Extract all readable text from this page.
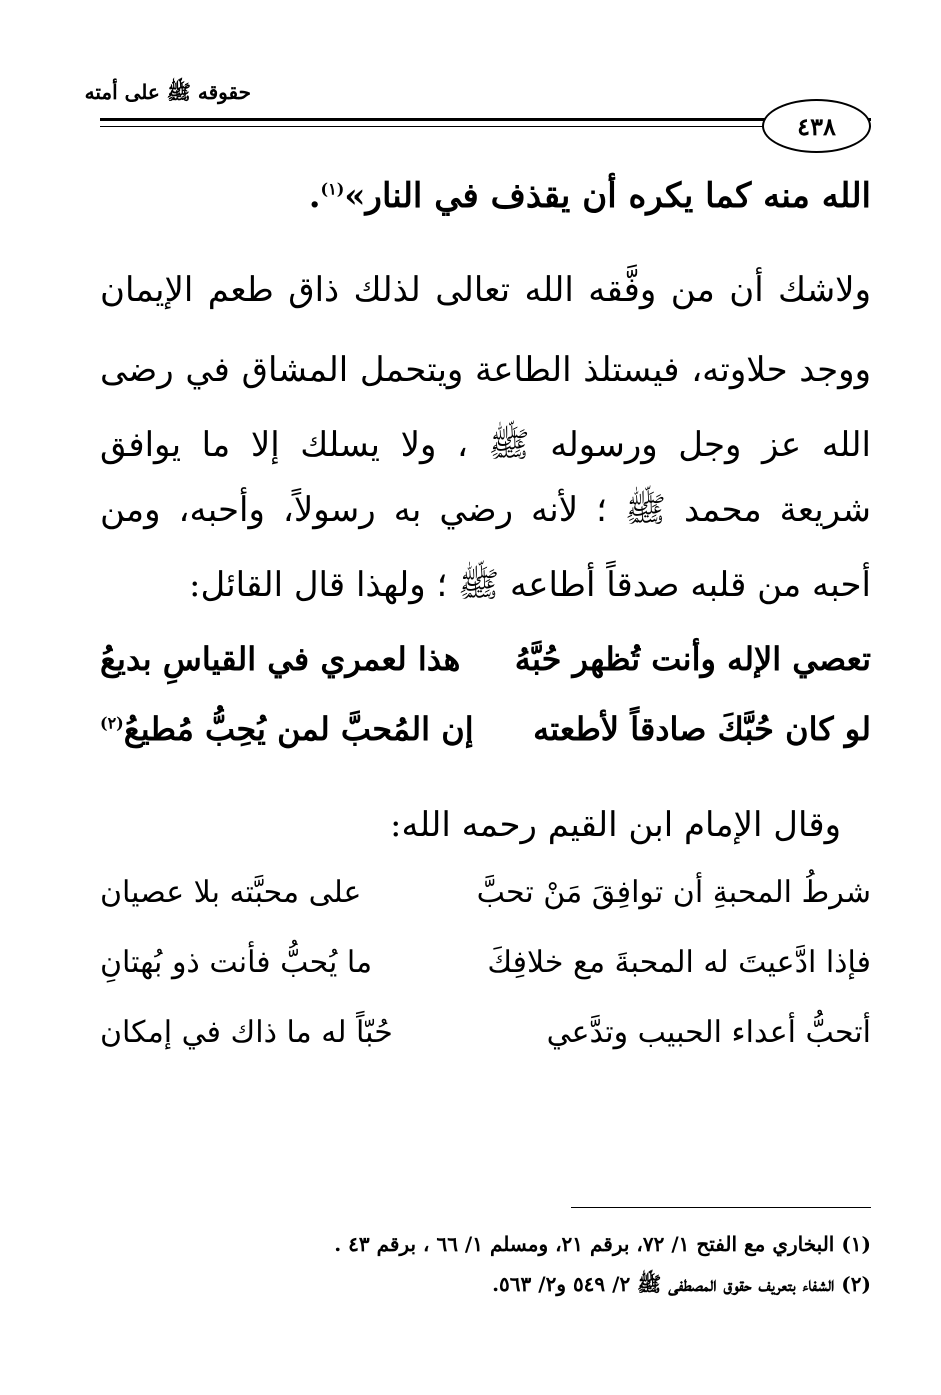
حقوقه ﷺ على أمته
٤٣٨
الله منه كما يكره أن يقذف في النار»$^{(١)}$.
ولاشك أن من وفَّقه الله تعالى لذلك ذاق طعم الإيمان
ووجد حلاوته، فيستلذ الطاعة ويتحمل المشاق في رضى
الله عز وجل ورسوله ﷺ ، ولا يسلك إلا ما يوافق
شريعة محمد ﷺ ؛ لأنه رضي به رسولاً، وأحبه، ومن
أحبه من قلبه صدقاً أطاعه ﷺ ؛ ولهذا قال القائل:
تعصي الإله وأنت تُظهر حُبَّهُ
هذا لعمري في القياسِ بديعُ
لو كان حُبَّكَ صادقاً لأطعته
إن المُحبَّ لمن يُحِبُّ مُطيعُ$^{(٢)}$
وقال الإمام ابن القيم رحمه الله:
شرطُ المحبةِ أن توافِقَ مَنْ تحبَّ
على محبَّته بلا عصيان
فإذا ادَّعيتَ له المحبةَ مع خلافِكَ
ما يُحبُّ فأنت ذو بُهتانِ
أتحبُّ أعداء الحبيب وتدَّعي
حُبّاً له ما ذاك في إمكان
(١) البخاري مع الفتح ١/ ٧٢، برقم ٢١، ومسلم ١/ ٦٦ ، برقم ٤٣ .
(٢) الشفاء بتعريف حقوق المصطفى ﷺ ٢/ ٥٤٩ و٢/ ٥٦٣.
